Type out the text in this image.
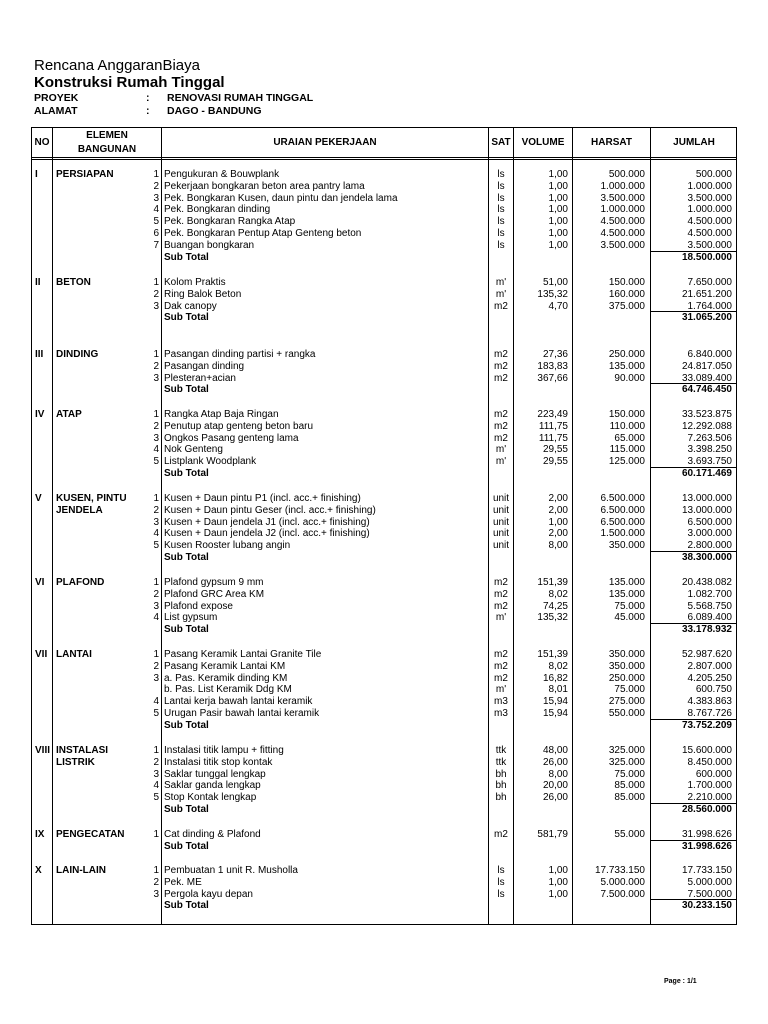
Rencana AnggaranBiaya
Konstruksi Rumah Tinggal
PROYEK	: RENOVASI RUMAH TINGGAL
ALAMAT	: DAGO - BANDUNG
NO
ELEMEN
BANGUNAN
URAIAN PEKERJAAN	SAT	VOLUME	HARSAT	JUMLAH
I PERSIAPAN	1 Pengukuran & Bouwplank	ls	1,00	500.000	500.000
2 Pekerjaan bongkaran beton area pantry lama	ls	1,00	1.000.000	1.000.000
3 Pek. Bongkaran Kusen, daun pintu dan jendela lama	ls	1,00	3.500.000	3.500.000
4 Pek. Bongkaran dinding	ls	1,00	1.000.000	1.000.000
5 Pek. Bongkaran Rangka Atap	ls	1,00	4.500.000	4.500.000
6 Pek. Bongkaran Pentup Atap Genteng beton	ls	1,00	4.500.000	4.500.000
7 Buangan bongkaran	ls	1,00	3.500.000	3.500.000
Sub Total	18.500.000
II BETON	1 Kolom Praktis	m'	51,00	150.000	7.650.000
2 Ring Balok Beton	m'	135,32	160.000	21.651.200
3 Dak canopy	m2	4,70	375.000	1.764.000
Sub Total	31.065.200
III DINDING	1 Pasangan dinding partisi + rangka	m2	27,36	250.000	6.840.000
2 Pasangan dinding	m2	183,83	135.000	24.817.050
3 Plesteran+acian	m2	367,66	90.000	33.089.400
Sub Total	64.746.450
IV ATAP	1 Rangka Atap Baja Ringan	m2	223,49	150.000	33.523.875
2 Penutup atap genteng beton baru	m2	111,75	110.000	12.292.088
3 Ongkos Pasang genteng lama	m2	111,75	65.000	7.263.506
4 Nok Genteng	m'	29,55	115.000	3.398.250
5 Listplank Woodplank	m'	29,55	125.000	3.693.750
Sub Total	60.171.469
V KUSEN, PINTU
JENDELA
1 Kusen + Daun pintu P1 (incl. acc.+ finishing)	unit	2,00	6.500.000	13.000.000
2 Kusen + Daun pintu Geser (incl. acc.+ finishing)	unit	2,00	6.500.000	13.000.000
3 Kusen + Daun jendela J1 (incl. acc.+ finishing)	unit	1,00	6.500.000	6.500.000
4 Kusen + Daun jendela J2 (incl. acc.+ finishing)	unit	2,00	1.500.000	3.000.000
5 Kusen Rooster lubang angin	unit	8,00	350.000	2.800.000
Sub Total	38.300.000
VI PLAFOND	1 Plafond gypsum 9 mm	m2	151,39	135.000	20.438.082
2 Plafond GRC Area KM	m2	8,02	135.000	1.082.700
3 Plafond expose	m2	74,25	75.000	5.568.750
4 List gypsum	m'	135,32	45.000	6.089.400
Sub Total	33.178.932
VII LANTAI	1 Pasang Keramik Lantai Granite Tile	m2	151,39	350.000	52.987.620
2 Pasang Keramik Lantai KM	m2	8,02	350.000	2.807.000
3 a. Pas. Keramik dinding KM	m2	16,82	250.000	4.205.250
b. Pas. List Keramik Ddg KM	m'	8,01	75.000	600.750
4 Lantai kerja bawah lantai keramik	m3	15,94	275.000	4.383.863
5 Urugan Pasir bawah lantai keramik	m3	15,94	550.000	8.767.726
Sub Total	73.752.209
VIII INSTALASI
LISTRIK
1 Instalasi titik lampu + fitting	ttk	48,00	325.000	15.600.000
2 Instalasi titik stop kontak	ttk	26,00	325.000	8.450.000
3 Saklar tunggal lengkap	bh	8,00	75.000	600.000
4 Saklar ganda lengkap	bh	20,00	85.000	1.700.000
5 Stop Kontak lengkap	bh	26,00	85.000	2.210.000
Sub Total	28.560.000
IX PENGECATAN	1 Cat dinding & Plafond	m2	581,79	55.000	31.998.626
Sub Total	31.998.626
X LAIN-LAIN	1 Pembuatan 1 unit R. Musholla	ls	1,00	17.733.150	17.733.150
2 Pek. ME	ls	1,00	5.000.000	5.000.000
3 Pergola kayu depan	ls	1,00	7.500.000	7.500.000
Sub Total	30.233.150
Page : 1/1
